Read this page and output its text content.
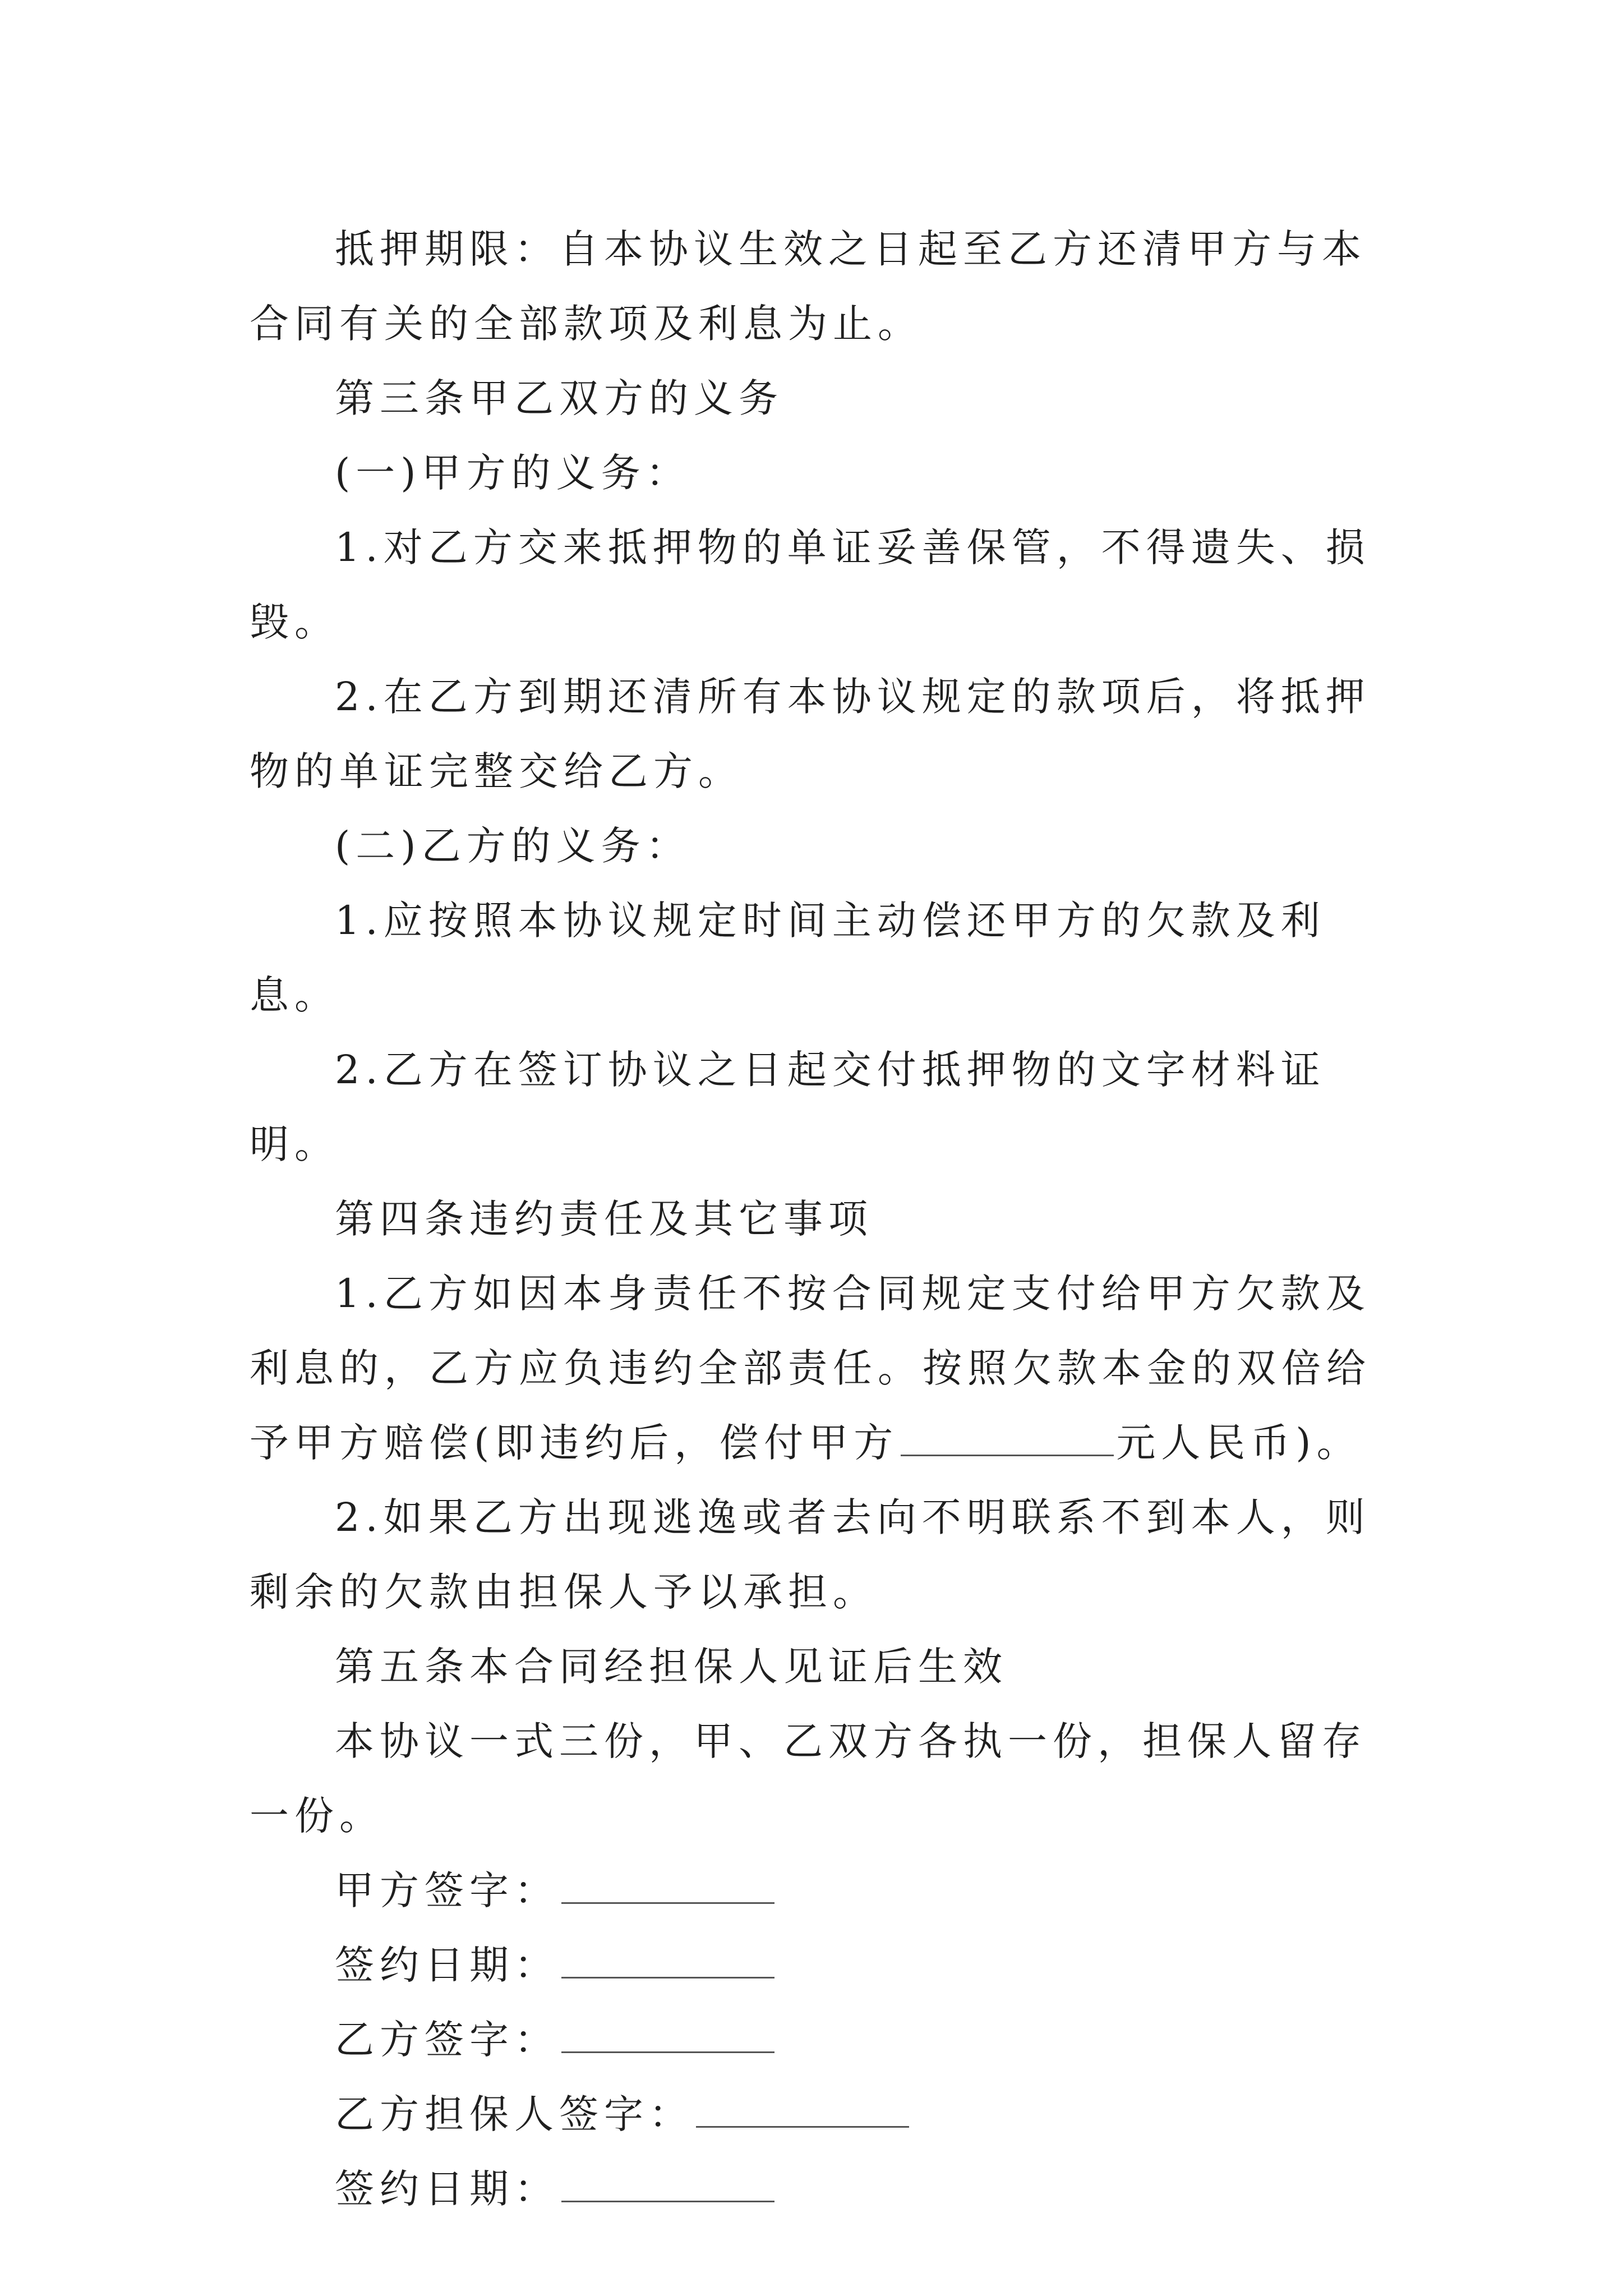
抵押期限：自本协议生效之日起至乙方还清甲方与本合同有关的全部款项及利息为止。

第三条甲乙双方的义务

(一)甲方的义务：

1.对乙方交来抵押物的单证妥善保管，不得遗失、损毁。

2.在乙方到期还清所有本协议规定的款项后，将抵押物的单证完整交给乙方。

(二)乙方的义务：

1.应按照本协议规定时间主动偿还甲方的欠款及利息。

2.乙方在签订协议之日起交付抵押物的文字材料证明。

第四条违约责任及其它事项

1.乙方如因本身责任不按合同规定支付给甲方欠款及利息的，乙方应负违约全部责任。按照欠款本金的双倍给予甲方赔偿(即违约后，偿付甲方	元人民币)。

2.如果乙方出现逃逸或者去向不明联系不到本人，则剩余的欠款由担保人予以承担。

第五条本合同经担保人见证后生效

本协议一式三份，甲、乙双方各执一份，担保人留存一份。

甲方签字：
签约日期：
乙方签字：
乙方担保人签字：
签约日期：
